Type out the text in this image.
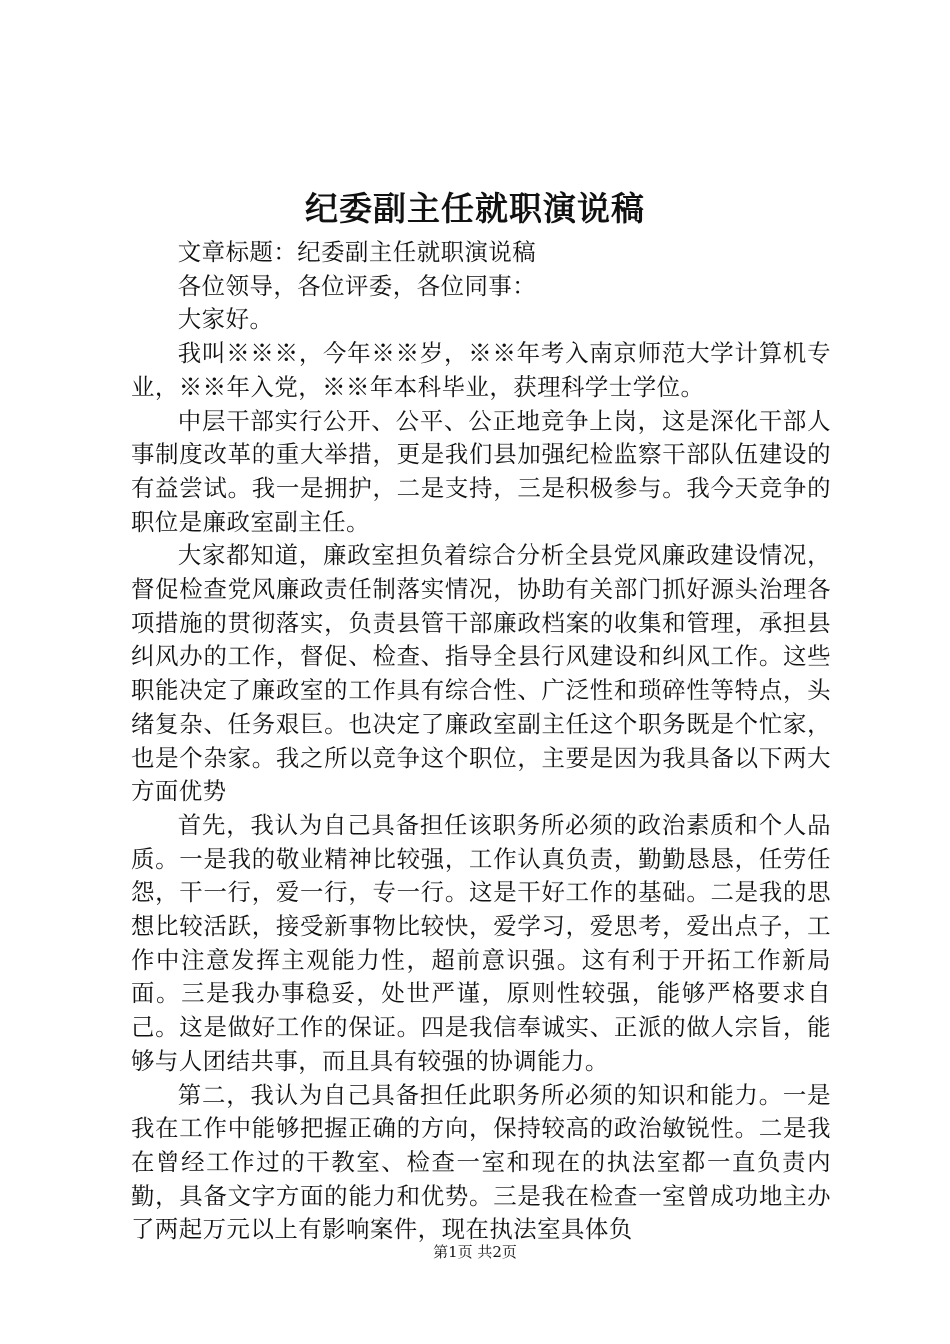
纪委副主任就职演说稿

文章标题：纪委副主任就职演说稿

各位领导，各位评委，各位同事：

大家好。

我叫※※※，今年※※岁，※※年考入南京师范大学计算机专业，※※年入党，※※年本科毕业，获理科学士学位。

中层干部实行公开、公平、公正地竞争上岗，这是深化干部人事制度改革的重大举措，更是我们县加强纪检监察干部队伍建设的有益尝试。我一是拥护，二是支持，三是积极参与。我今天竞争的职位是廉政室副主任。

大家都知道，廉政室担负着综合分析全县党风廉政建设情况，督促检查党风廉政责任制落实情况，协助有关部门抓好源头治理各项措施的贯彻落实，负责县管干部廉政档案的收集和管理，承担县纠风办的工作，督促、检查、指导全县行风建设和纠风工作。这些职能决定了廉政室的工作具有综合性、广泛性和琐碎性等特点，头绪复杂、任务艰巨。也决定了廉政室副主任这个职务既是个忙家，也是个杂家。我之所以竞争这个职位，主要是因为我具备以下两大方面优势

首先，我认为自己具备担任该职务所必须的政治素质和个人品质。一是我的敬业精神比较强，工作认真负责，勤勤恳恳，任劳任怨，干一行，爱一行，专一行。这是干好工作的基础。二是我的思想比较活跃，接受新事物比较快，爱学习，爱思考，爱出点子，工作中注意发挥主观能力性，超前意识强。这有利于开拓工作新局面。三是我办事稳妥，处世严谨，原则性较强，能够严格要求自己。这是做好工作的保证。四是我信奉诚实、正派的做人宗旨，能够与人团结共事，而且具有较强的协调能力。

第二，我认为自己具备担任此职务所必须的知识和能力。一是我在工作中能够把握正确的方向，保持较高的政治敏锐性。二是我在曾经工作过的干教室、检查一室和现在的执法室都一直负责内勤，具备文字方面的能力和优势。三是我在检查一室曾成功地主办了两起万元以上有影响案件，现在执法室具体负

第1页 共2页
